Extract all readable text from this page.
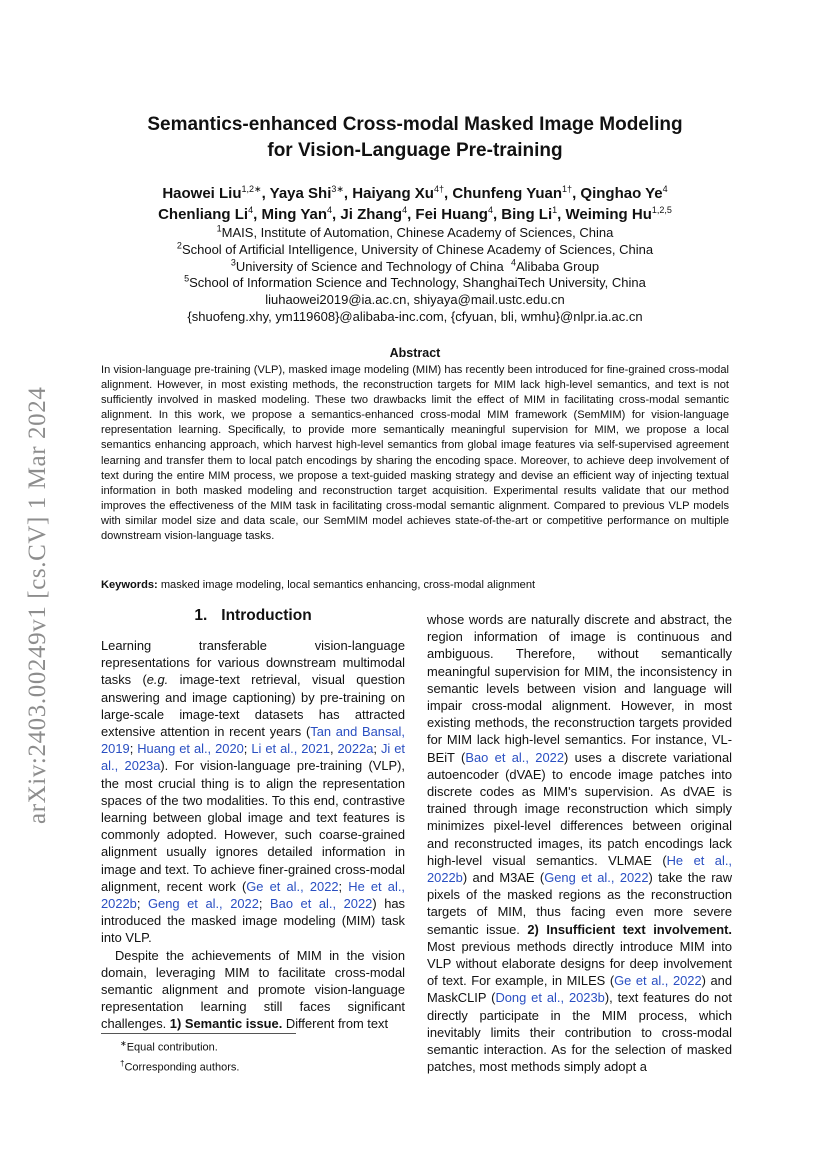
arXiv:2403.00249v1 [cs.CV] 1 Mar 2024
Semantics-enhanced Cross-modal Masked Image Modeling
for Vision-Language Pre-training
Haowei Liu$^{1,2∗}$, Yaya Shi$^{3∗}$, Haiyang $Xu^{4\dagger}$, Chunfeng Yuan$^{1\dagger}$, Qinghao Ye$^4$
Chenliang Li$^4$, Ming Yan$^4$, Ji Zhang$^4$, Fei Huang$^4$, Bing Li$^1$, Weiming Hu$^{1,2,5}$
$^1$MAIS, Institute of Automation, Chinese Academy of Sciences, China
$^2$School of Artificial Intelligence, University of Chinese Academy of Sciences, China
$^3$University of Science and Technology of China $^4$Alibaba Group
$^5$School of Information Science and Technology, ShanghaiTech University, China
liuhaowei2019@ia.ac.cn, shiyaya@mail.ustc.edu.cn
{shuofeng.xhy, ym119608}@alibaba-inc.com, {cfyuan, bli, wmhu}@nlpr.ia.ac.cn
Abstract
In vision-language pre-training (VLP), masked image modeling (MIM) has recently been introduced for fine-grained cross-modal alignment. However, in most existing methods, the reconstruction targets for MIM lack high-level semantics, and text is not sufficiently involved in masked modeling. These two drawbacks limit the effect of MIM in facilitating cross-modal semantic alignment. In this work, we propose a semantics-enhanced cross-modal MIM framework (SemMIM) for vision-language representation learning. Specifically, to provide more semantically meaningful supervision for MIM, we propose a local semantics enhancing approach, which harvest high-level semantics from global image features via self-supervised agreement learning and transfer them to local patch encodings by sharing the encoding space. Moreover, to achieve deep involvement of text during the entire MIM process, we propose a text-guided masking strategy and devise an efficient way of injecting textual information in both masked modeling and reconstruction target acquisition. Experimental results validate that our method improves the effectiveness of the MIM task in facilitating cross-modal semantic alignment. Compared to previous VLP models with similar model size and data scale, our SemMIM model achieves state-of-the-art or competitive performance on multiple downstream vision-language tasks.
Keywords: masked image modeling, local semantics enhancing, cross-modal alignment
1. Introduction

Learning transferable vision-language representations for various downstream multimodal tasks (e.g. image-text retrieval, visual question answering and image captioning) by pre-training on large-scale image-text datasets has attracted extensive attention in recent years (Tan and Bansal, 2019; Huang et al., 2020; Li et al., 2021, 2022a; Ji et al., 2023a). For vision-language pre-training (VLP), the most crucial thing is to align the representation spaces of the two modalities. To this end, contrastive learning between global image and text features is commonly adopted. However, such coarse-grained alignment usually ignores detailed information in image and text. To achieve finer-grained cross-modal alignment, recent work (Ge et al., 2022; He et al., 2022b; Geng et al., 2022; Bao et al., 2022) has introduced the masked image modeling (MIM) task into VLP.

Despite the achievements of MIM in the vision domain, leveraging MIM to facilitate cross-modal semantic alignment and promote vision-language representation learning still faces significant challenges. 1) Semantic issue. Different from text

whose words are naturally discrete and abstract, the region information of image is continuous and ambiguous. Therefore, without semantically meaningful supervision for MIM, the inconsistency in semantic levels between vision and language will impair cross-modal alignment. However, in most existing methods, the reconstruction targets provided for MIM lack high-level semantics. For instance, VL-BEiT (Bao et al., 2022) uses a discrete variational autoencoder (dVAE) to encode image patches into discrete codes as MIM's supervision. As dVAE is trained through image reconstruction which simply minimizes pixel-level differences between original and reconstructed images, its patch encodings lack high-level visual semantics. VLMAE (He et al., 2022b) and M3AE (Geng et al., 2022) take the raw pixels of the masked regions as the reconstruction targets of MIM, thus facing even more severe semantic issue. 2) Insufficient text involvement. Most previous methods directly introduce MIM into VLP without elaborate designs for deep involvement of text. For example, in MILES (Ge et al., 2022) and MaskCLIP (Dong et al., 2023b), text features do not directly participate in the MIM process, which inevitably limits their contribution to cross-modal semantic interaction. As for the selection of masked patches, most methods simply adopt a

∗Equal contribution.
†Corresponding authors.
